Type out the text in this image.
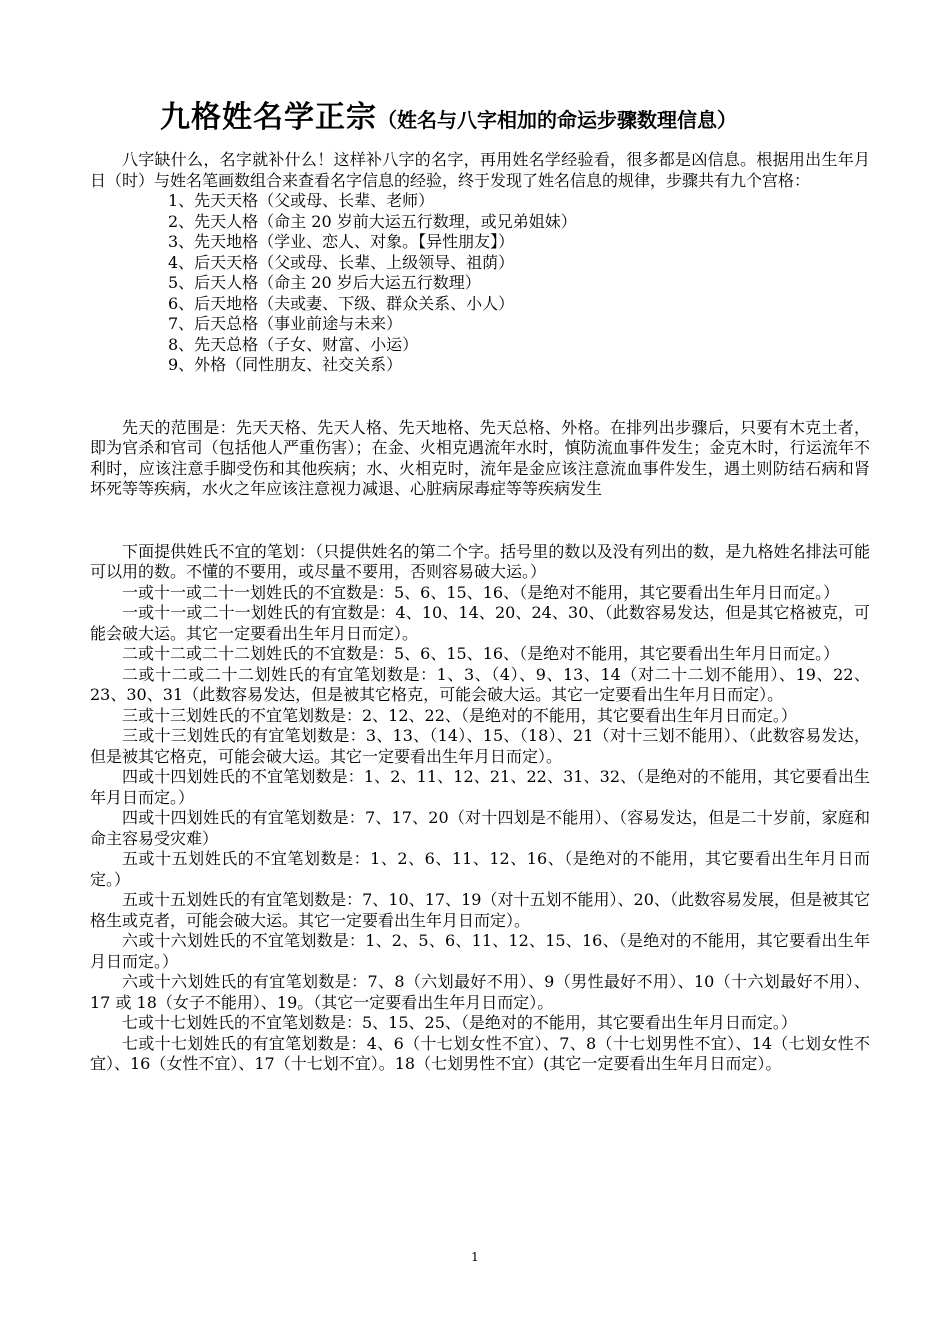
九格姓名学正宗（姓名与八字相加的命运步骤数理信息）

八字缺什么，名字就补什么！这样补八字的名字，再用姓名学经验看，很多都是凶信息。根据用出生年月日（时）与姓名笔画数组合来查看名字信息的经验，终于发现了姓名信息的规律，步骤共有九个宫格：

1、先天天格（父或母、长辈、老师）
2、先天人格（命主 20 岁前大运五行数理，或兄弟姐妹）
3、先天地格（学业、恋人、对象。【异性朋友】）
4、后天天格（父或母、长辈、上级领导、祖荫）
5、后天人格（命主 20 岁后大运五行数理）
6、后天地格（夫或妻、下级、群众关系、小人）
7、后天总格（事业前途与未来）
8、先天总格（子女、财富、小运）
9、外格（同性朋友、社交关系）

先天的范围是：先天天格、先天人格、先天地格、先天总格、外格。在排列出步骤后，只要有木克土者，即为官杀和官司（包括他人严重伤害）；在金、火相克遇流年水时，慎防流血事件发生；金克木时，行运流年不利时，应该注意手脚受伤和其他疾病；水、火相克时，流年是金应该注意流血事件发生，遇土则防结石病和肾坏死等等疾病，水火之年应该注意视力减退、心脏病尿毒症等等疾病发生

下面提供姓氏不宜的笔划：（只提供姓名的第二个字。括号里的数以及没有列出的数，是九格姓名排法可能可以用的数。不懂的不要用，或尽量不要用，否则容易破大运。）

一或十一或二十一划姓氏的不宜数是：5、6、15、16、（是绝对不能用，其它要看出生年月日而定。）

一或十一或二十一划姓氏的有宜数是：4、10、14、20、24、30、（此数容易发达，但是其它格被克，可能会破大运。其它一定要看出生年月日而定）。

二或十二或二十二划姓氏的不宜数是：5、6、15、16、（是绝对不能用，其它要看出生年月日而定。）

二或十二或二十二划姓氏的有宜笔划数是：1、3、（4）、9、13、14（对二十二划不能用）、19、22、23、30、31（此数容易发达，但是被其它格克，可能会破大运。其它一定要看出生年月日而定）。

三或十三划姓氏的不宜笔划数是：2、12、22、（是绝对的不能用，其它要看出生年月日而定。）

三或十三划姓氏的有宜笔划数是：3、13、（14）、15、（18）、21（对十三划不能用）、（此数容易发达，但是被其它格克，可能会破大运。其它一定要看出生年月日而定）。

四或十四划姓氏的不宜笔划数是：1、2、11、12、21、22、31、32、（是绝对的不能用，其它要看出生年月日而定。）

四或十四划姓氏的有宜笔划数是：7、17、20（对十四划是不能用）、（容易发达，但是二十岁前，家庭和命主容易受灾难）

五或十五划姓氏的不宜笔划数是：1、2、6、11、12、16、（是绝对的不能用，其它要看出生年月日而定。）

五或十五划姓氏的有宜笔划数是：7、10、17、19（对十五划不能用）、20、（此数容易发展，但是被其它格生或克者，可能会破大运。其它一定要看出生年月日而定）。

六或十六划姓氏的不宜笔划数是：1、2、5、6、11、12、15、16、（是绝对的不能用，其它要看出生年月日而定。）

六或十六划姓氏的有宜笔划数是：7、8（六划最好不用）、9（男性最好不用）、10（十六划最好不用）、17 或 18（女子不能用）、19。（其它一定要看出生年月日而定）。

七或十七划姓氏的不宜笔划数是：5、15、25、（是绝对的不能用，其它要看出生年月日而定。）

七或十七划姓氏的有宜笔划数是：4、6（十七划女性不宜）、7、8（十七划男性不宜）、14（七划女性不宜）、16（女性不宜）、17（十七划不宜）。18（七划男性不宜）(其它一定要看出生年月日而定）。

1
